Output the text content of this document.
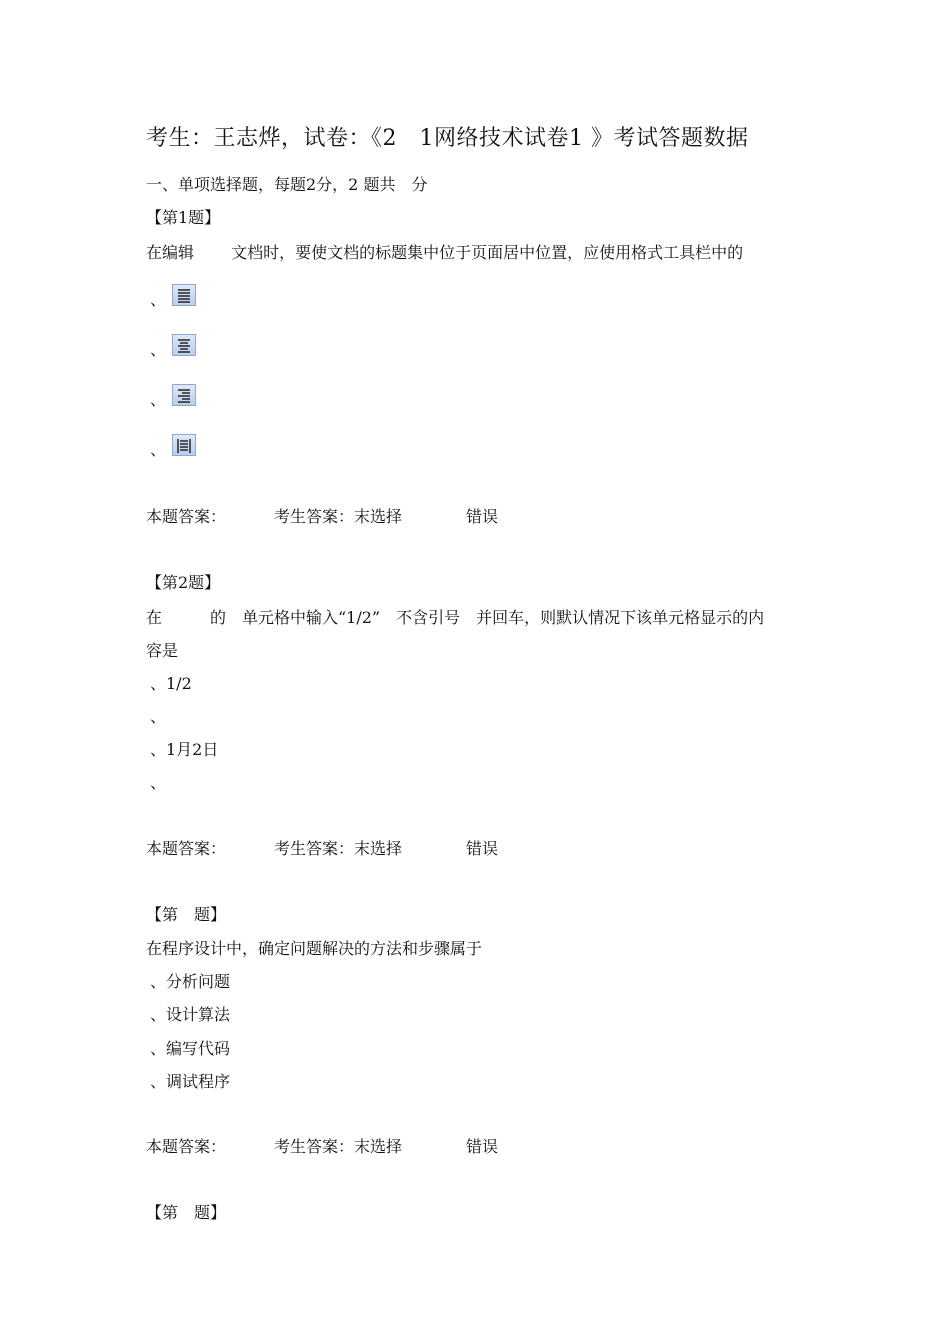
考生：王志烨，试卷：《2　1网络技术试卷1 》考试答题数据
一、单项选择题，每题2分，2 题共　分
【第1题】
在编辑　　 文档时，要使文档的标题集中位于页面居中位置，应使用格式工具栏中的
、
、
、
、
本题答案：	考生答案：末选择	错误
【第2题】
在　　　的　单元格中输入“1/2”　不含引号　并回车，则默认情况下该单元格显示的内
容是
、1/2
、
、1月2日
、
本题答案：	考生答案：末选择	错误
【第　题】
在程序设计中，确定问题解决的方法和步骤属于
、分析问题
、设计算法
、编写代码
、调试程序
本题答案：	考生答案：末选择	错误
【第　题】
